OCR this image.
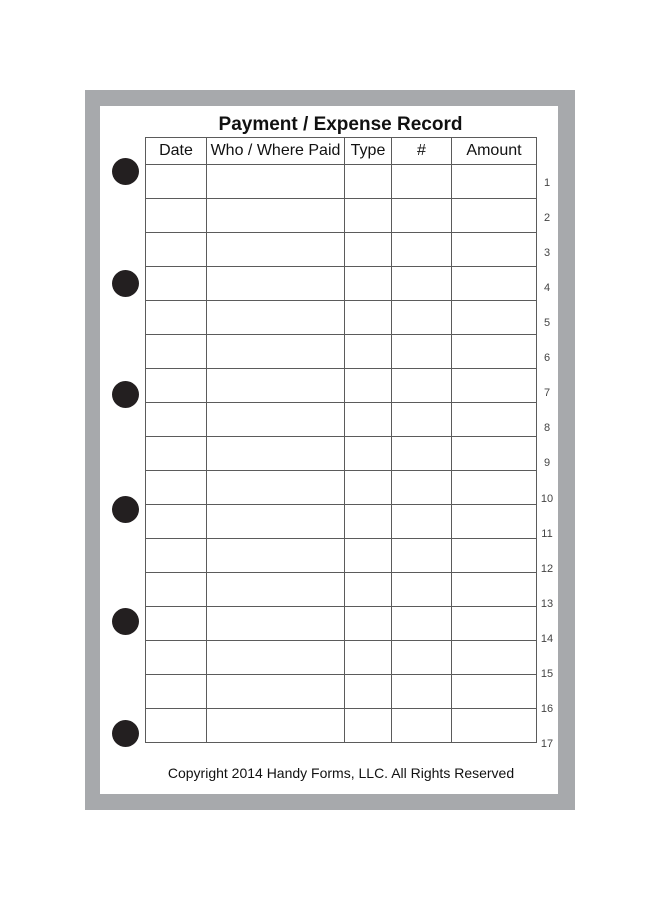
Payment / Expense Record
Date	Who / Where Paid	Type	#	Amount

1
2
3
4
5
6
7
8
9
10
11
12
13
14
15
16
17
Copyright 2014 Handy Forms, LLC. All Rights Reserved
